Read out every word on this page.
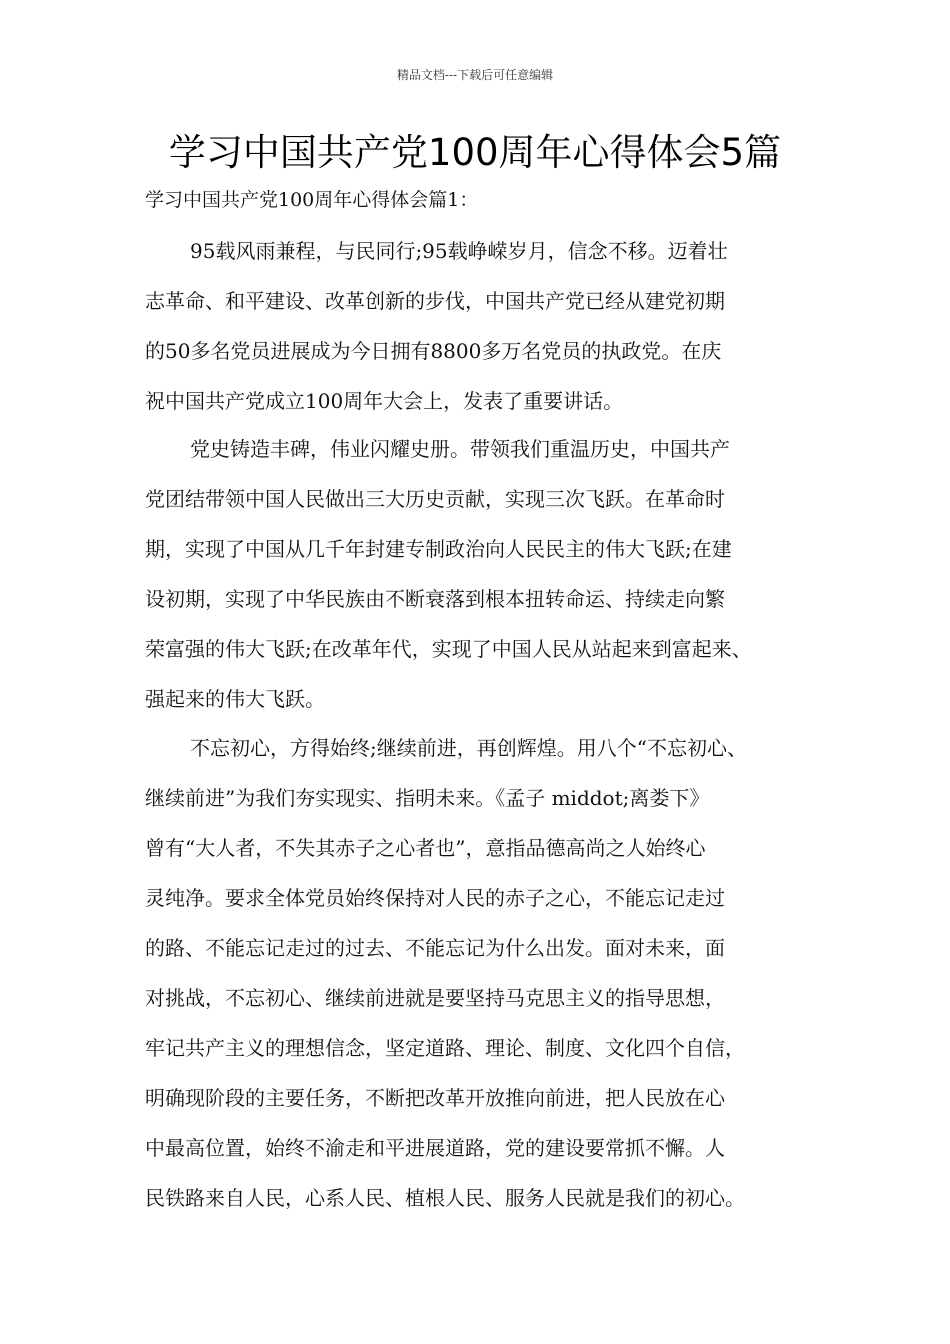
精品文档---下载后可任意编辑
学习中国共产党100周年心得体会5篇
学习中国共产党100周年心得体会篇1：
95载风雨兼程，与民同行;95载峥嵘岁月，信念不移。迈着壮
志革命、和平建设、改革创新的步伐，中国共产党已经从建党初期
的50多名党员进展成为今日拥有8800多万名党员的执政党。在庆
祝中国共产党成立100周年大会上，发表了重要讲话。
党史铸造丰碑，伟业闪耀史册。带领我们重温历史，中国共产
党团结带领中国人民做出三大历史贡献，实现三次飞跃。在革命时
期，实现了中国从几千年封建专制政治向人民民主的伟大飞跃;在建
设初期，实现了中华民族由不断衰落到根本扭转命运、持续走向繁
荣富强的伟大飞跃;在改革年代，实现了中国人民从站起来到富起来、
强起来的伟大飞跃。
不忘初心，方得始终;继续前进，再创辉煌。用八个“不忘初心、
继续前进”为我们夯实现实、指明未来。《孟子 middot;离娄下》
曾有“大人者，不失其赤子之心者也”，意指品德高尚之人始终心
灵纯净。要求全体党员始终保持对人民的赤子之心，不能忘记走过
的路、不能忘记走过的过去、不能忘记为什么出发。面对未来，面
对挑战，不忘初心、继续前进就是要坚持马克思主义的指导思想，
牢记共产主义的理想信念，坚定道路、理论、制度、文化四个自信，
明确现阶段的主要任务，不断把改革开放推向前进，把人民放在心
中最高位置，始终不渝走和平进展道路，党的建设要常抓不懈。人
民铁路来自人民，心系人民、植根人民、服务人民就是我们的初心。
